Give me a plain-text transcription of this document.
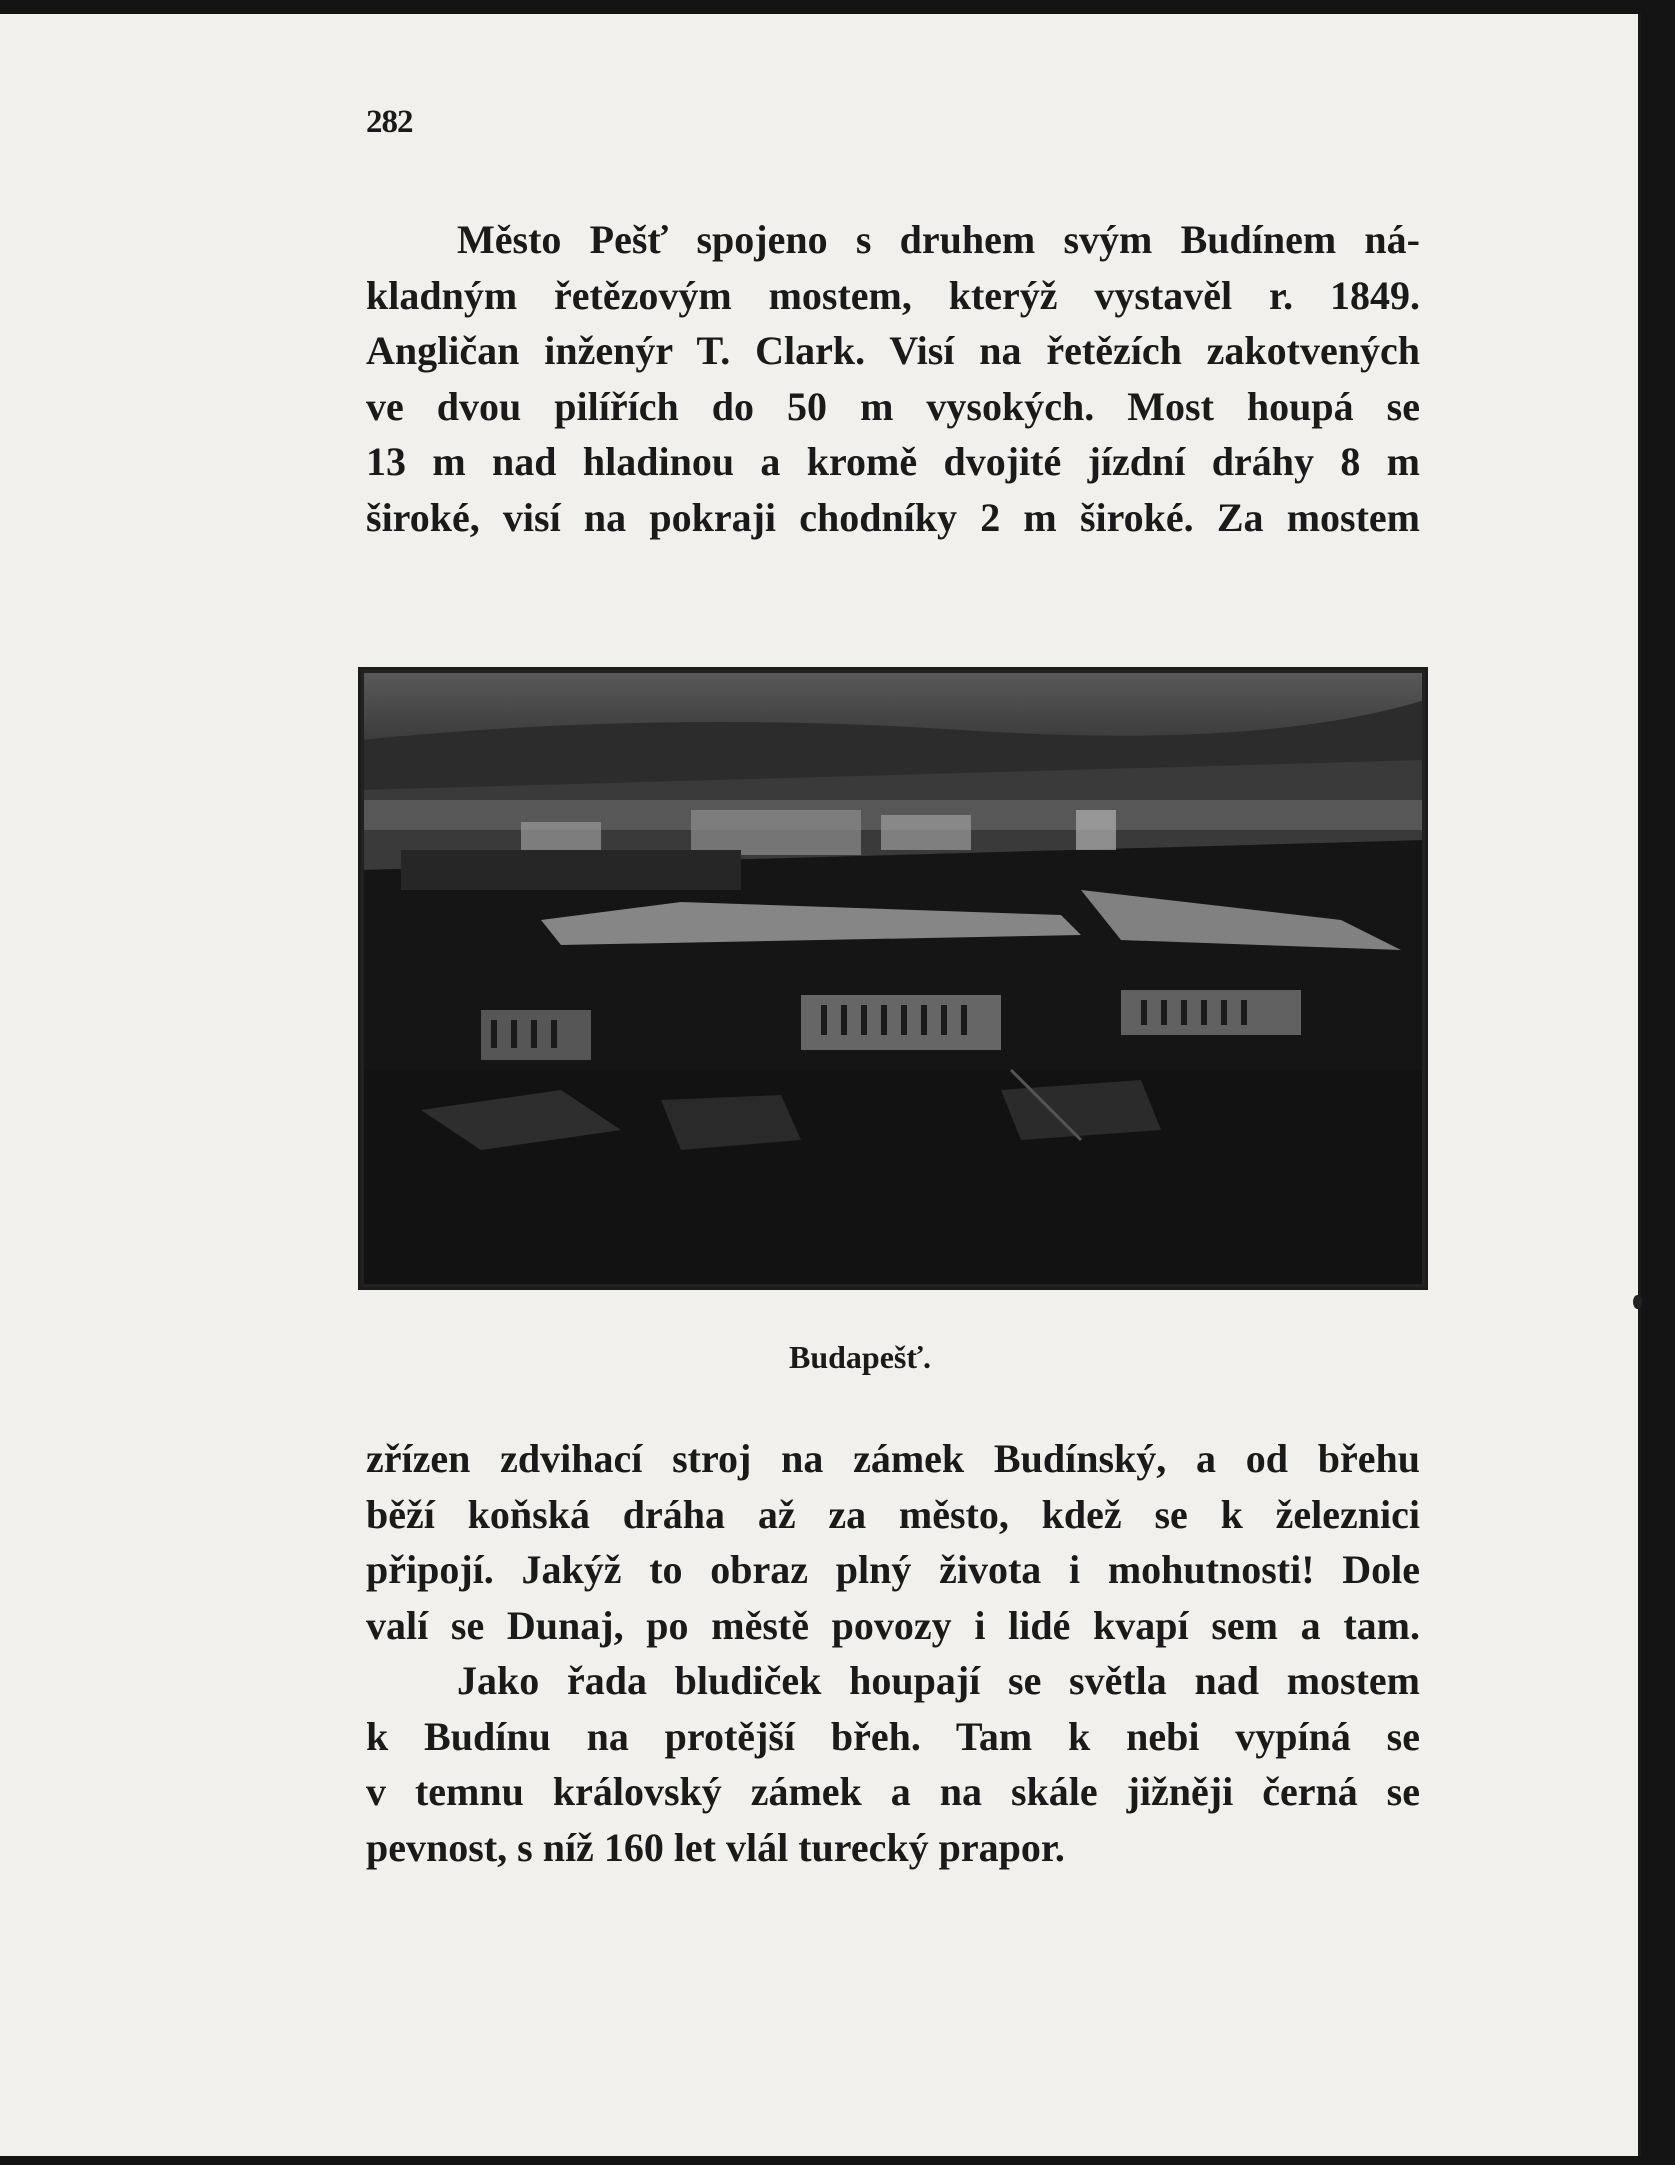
282
Město Pešť spojeno s druhem svým Budínem ná-
kladným řetězovým mostem, kterýž vystavěl r. 1849.
Angličan inženýr T. Clark. Visí na řetězích zakotvených
ve dvou pilířích do 50 m vysokých. Most houpá se
13 m nad hladinou a kromě dvojité jízdní dráhy 8 m
široké, visí na pokraji chodníky 2 m široké. Za mostem
Budapešť.
zřízen zdvihací stroj na zámek Budínský, a od břehu
běží koňská dráha až za město, kdež se k železnici
připojí. Jakýž to obraz plný života i mohutnosti! Dole
valí se Dunaj, po městě povozy i lidé kvapí sem a tam.
Jako řada bludiček houpají se světla nad mostem
k Budínu na protější břeh. Tam k nebi vypíná se
v temnu královský zámek a na skále jižněji černá se
pevnost, s níž 160 let vlál turecký prapor.
